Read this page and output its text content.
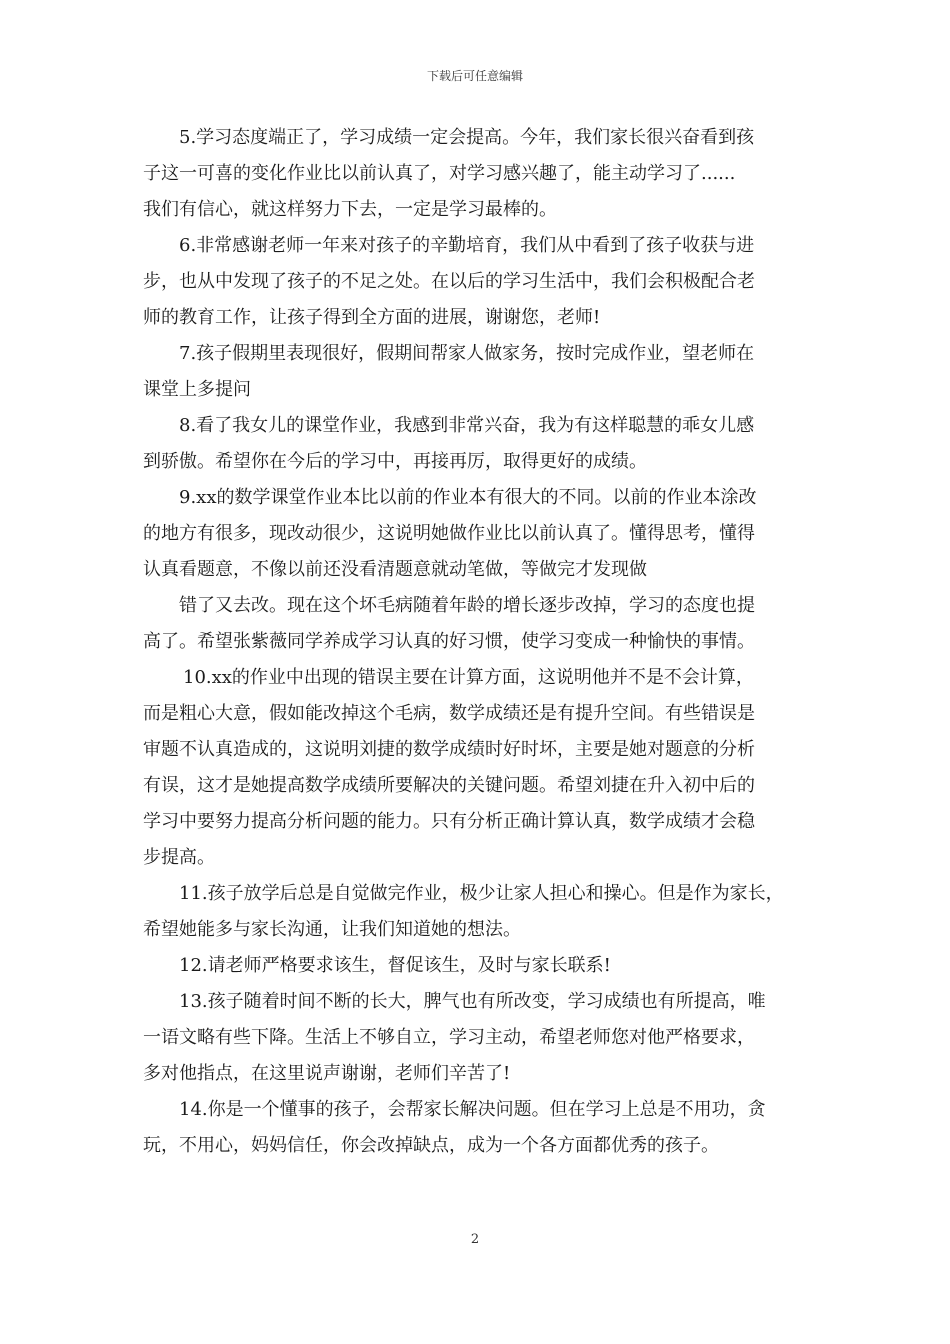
下载后可任意编辑
5.学习态度端正了，学习成绩一定会提高。今年，我们家长很兴奋看到孩
子这一可喜的变化作业比以前认真了，对学习感兴趣了，能主动学习了......
我们有信心，就这样努力下去，一定是学习最棒的。
6.非常感谢老师一年来对孩子的辛勤培育，我们从中看到了孩子收获与进
步，也从中发现了孩子的不足之处。在以后的学习生活中，我们会积极配合老
师的教育工作，让孩子得到全方面的进展，谢谢您，老师!
7.孩子假期里表现很好，假期间帮家人做家务，按时完成作业，望老师在
课堂上多提问
8.看了我女儿的课堂作业，我感到非常兴奋，我为有这样聪慧的乖女儿感
到骄傲。希望你在今后的学习中，再接再厉，取得更好的成绩。
9.xx的数学课堂作业本比以前的作业本有很大的不同。以前的作业本涂改
的地方有很多，现改动很少，这说明她做作业比以前认真了。懂得思考，懂得
认真看题意，不像以前还没看清题意就动笔做，等做完才发现做
错了又去改。现在这个坏毛病随着年龄的增长逐步改掉，学习的态度也提
高了。希望张紫薇同学养成学习认真的好习惯，使学习变成一种愉快的事情。
10.xx的作业中出现的错误主要在计算方面，这说明他并不是不会计算，
而是粗心大意，假如能改掉这个毛病，数学成绩还是有提升空间。有些错误是
审题不认真造成的，这说明刘捷的数学成绩时好时坏，主要是她对题意的分析
有误，这才是她提高数学成绩所要解决的关键问题。希望刘捷在升入初中后的
学习中要努力提高分析问题的能力。只有分析正确计算认真，数学成绩才会稳
步提高。
11.孩子放学后总是自觉做完作业，极少让家人担心和操心。但是作为家长，
希望她能多与家长沟通，让我们知道她的想法。
12.请老师严格要求该生，督促该生，及时与家长联系!
13.孩子随着时间不断的长大，脾气也有所改变，学习成绩也有所提高，唯
一语文略有些下降。生活上不够自立，学习主动，希望老师您对他严格要求，
多对他指点，在这里说声谢谢，老师们辛苦了!
14.你是一个懂事的孩子，会帮家长解决问题。但在学习上总是不用功，贪
玩，不用心，妈妈信任，你会改掉缺点，成为一个各方面都优秀的孩子。
2
